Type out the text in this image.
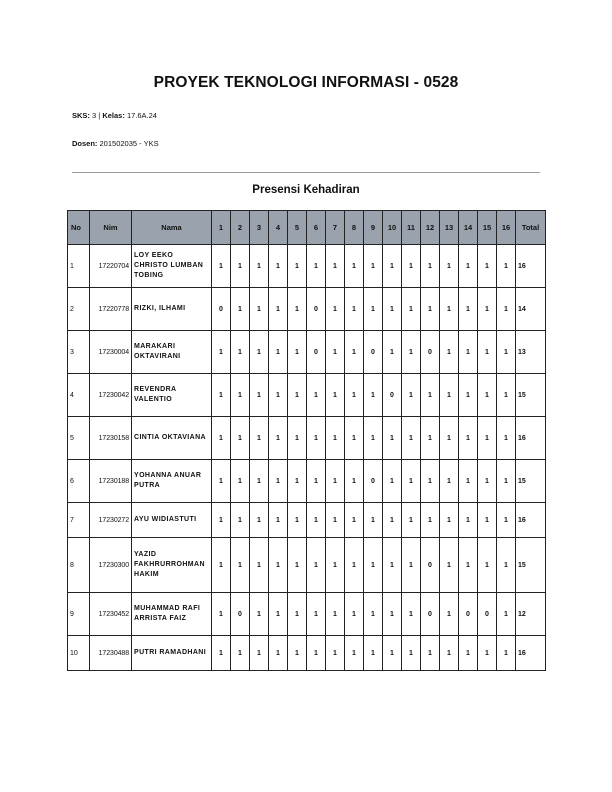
PROYEK TEKNOLOGI INFORMASI - 0528
SKS: 3 | Kelas: 17.6A.24
Dosen: 201502035 - YKS
Presensi Kehadiran
No	Nim	Nama	1	2	3	4	5	6	7	8	9	10	11	12	13	14	15	16	Total
1	17220704	LOY EEKO CHRISTO LUMBAN TOBING	1	1	1	1	1	1	1	1	1	1	1	1	1	1	1	1	16
2	17220778	RIZKI, ILHAMI	0	1	1	1	1	0	1	1	1	1	1	1	1	1	1	1	14
3	17230004	MARAKARI OKTAVIRANI	1	1	1	1	1	0	1	1	0	1	1	0	1	1	1	1	13
4	17230042	REVENDRA VALENTIO	1	1	1	1	1	1	1	1	1	0	1	1	1	1	1	1	15
5	17230158	CINTIA OKTAVIANA	1	1	1	1	1	1	1	1	1	1	1	1	1	1	1	1	16
6	17230188	YOHANNA ANUAR PUTRA	1	1	1	1	1	1	1	1	0	1	1	1	1	1	1	1	15
7	17230272	AYU WIDIASTUTI	1	1	1	1	1	1	1	1	1	1	1	1	1	1	1	1	16
8	17230300	YAZID FAKHRURROHMAN HAKIM	1	1	1	1	1	1	1	1	1	1	1	0	1	1	1	1	15
9	17230452	MUHAMMAD RAFI ARRISTA FAIZ	1	0	1	1	1	1	1	1	1	1	1	0	1	0	0	1	12
10	17230488	PUTRI RAMADHANI	1	1	1	1	1	1	1	1	1	1	1	1	1	1	1	1	16
